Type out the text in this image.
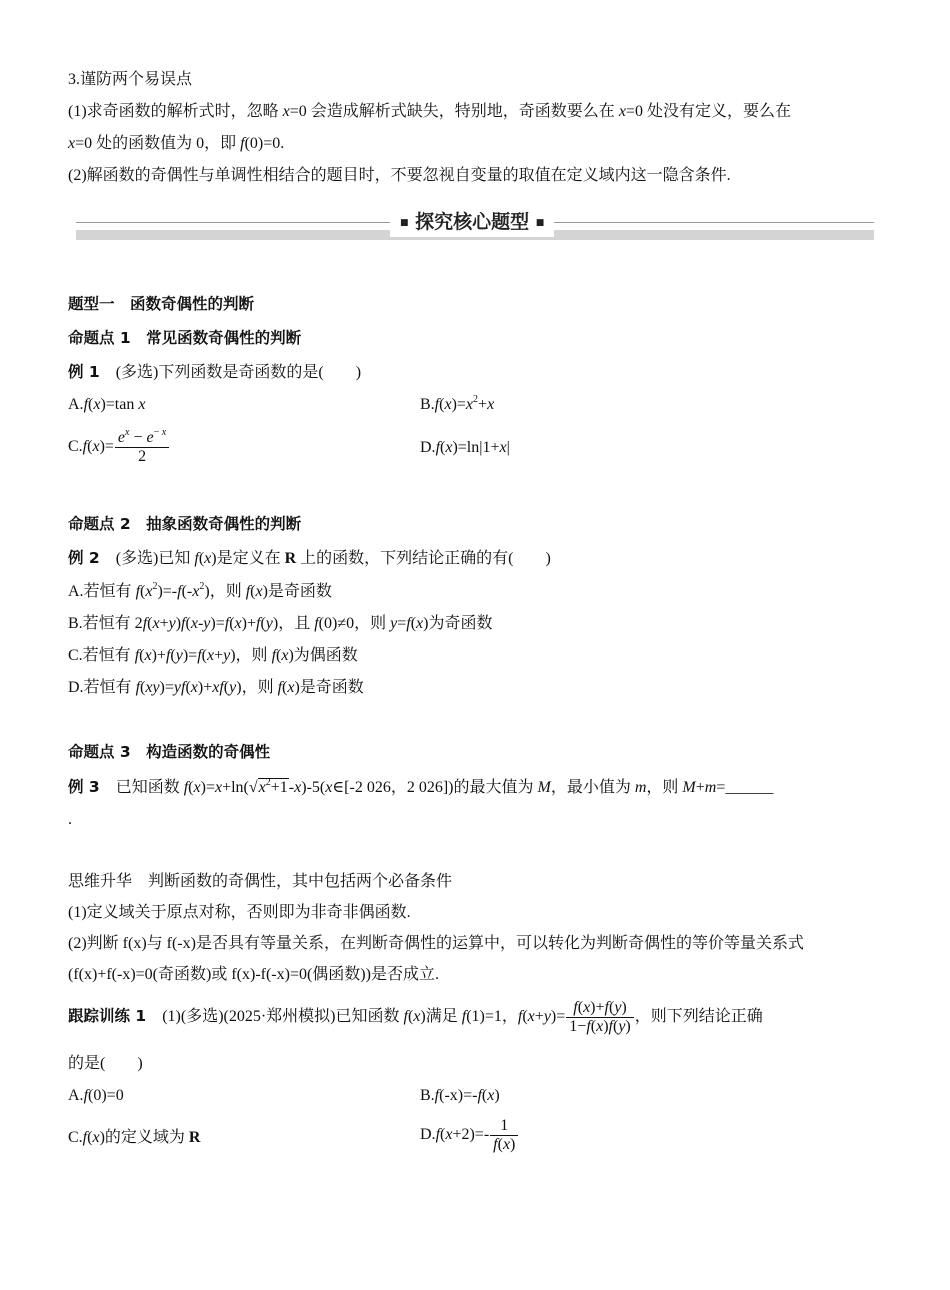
3.谨防两个易误点
(1)求奇函数的解析式时，忽略 x=0 会造成解析式缺失，特别地，奇函数要么在 x=0 处没有定义，要么在
x=0 处的函数值为 0，即 f(0)=0.
(2)解函数的奇偶性与单调性相结合的题目时，不要忽视自变量的取值在定义域内这一隐含条件.
■ 探究核心题型 ■
题型一　函数奇偶性的判断
命题点 1　常见函数奇偶性的判断
例 1　 (多选)下列函数是奇函数的是(　　)
A.f(x)=tan x	$B.f(x)=x^2+x$
$C.f(x)= \frac{e^x - e^{- x}}{2}$	D.f(x)=ln|1+x|
命题点 2　抽象函数奇偶性的判断
例 2　 (多选)已知 f(x)是定义在 R 上的函数，下列结论正确的有(　　)
A.若恒有 $f(x^2)=-f(-x^2)$，则 f(x)是奇函数
B.若恒有 2f(x+y)f(x-y)=f(x)+f(y)，且 f(0)≠0，则 y=f(x)为奇函数
C.若恒有 f(x)+f(y)=f(x+y)，则 f(x)为偶函数
D.若恒有 f(xy)=yf(x)+xf(y)，则 f(x)是奇函数
命题点 3　构造函数的奇偶性
例 3　 已知函数 $f(x)=x+\ln(√x^2+1-x)-5(x\in[-2$ 026，2 026])的最大值为 M，最小值为 m，则 M+m=______
.
思维升华　判断函数的奇偶性，其中包括两个必备条件
(1)定义域关于原点对称，否则即为非奇非偶函数.
(2)判断 f(x)与 f(-x)是否具有等量关系，在判断奇偶性的运算中，可以转化为判断奇偶性的等价等量关系式
(f(x)+f(-x)=0(奇函数)或 f(x)-f(-x)=0(偶函数))是否成立.
跟踪训练 1　 (1)(多选)(2025·郑州模拟)已知函数 f(x)满足 f(1)=1，$f(x+y)= \frac{f(x)+f(y)}{1-f(x)f(y)}$ ，则下列结论正确
的是(　　)
A.f(0)=0	B.f(-x)=-f(x)
C.f(x)的定义域为 R	$D.f(x+2)=- \frac{1}{f(x)}$
